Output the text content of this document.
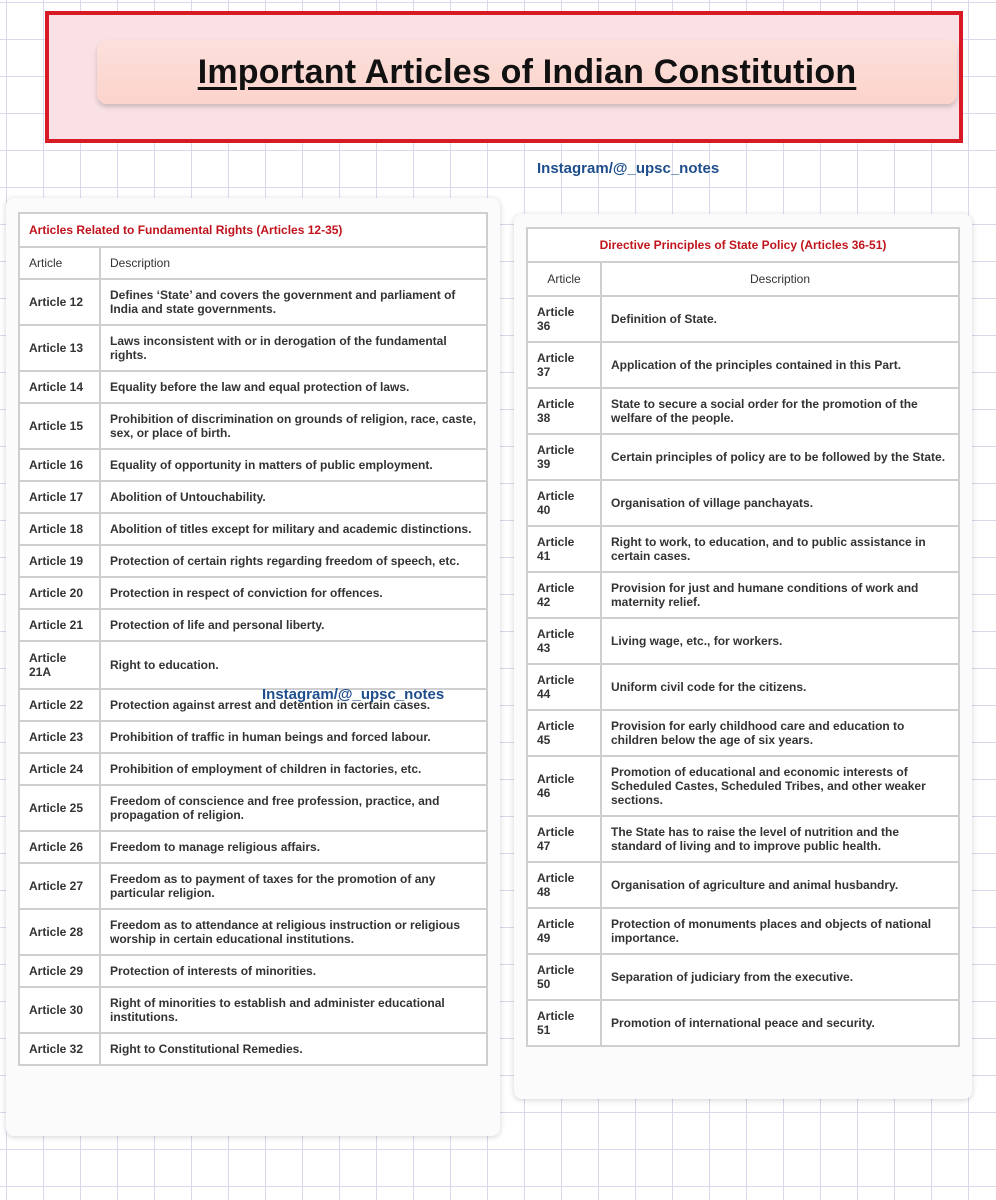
Important Articles of Indian Constitution
Instagram/@_upsc_notes
Articles Related to Fundamental Rights (Articles 12-35)	
Article	Description
Article 12	Defines ‘State’ and covers the government and parliament of India and state governments.
Article 13	Laws inconsistent with or in derogation of the fundamental rights.
Article 14	Equality before the law and equal protection of laws.
Article 15	Prohibition of discrimination on grounds of religion, race, caste, sex, or place of birth.
Article 16	Equality of opportunity in matters of public employment.
Article 17	Abolition of Untouchability.
Article 18	Abolition of titles except for military and academic distinctions.
Article 19	Protection of certain rights regarding freedom of speech, etc.
Article 20	Protection in respect of conviction for offences.
Article 21	Protection of life and personal liberty.
Article 21A	Right to education.
Article 22	Protection against arrest and detention in certain cases.
Article 23	Prohibition of traffic in human beings and forced labour.
Article 24	Prohibition of employment of children in factories, etc.
Article 25	Freedom of conscience and free profession, practice, and propagation of religion.
Article 26	Freedom to manage religious affairs.
Article 27	Freedom as to payment of taxes for the promotion of any particular religion.
Article 28	Freedom as to attendance at religious instruction or religious worship in certain educational institutions.
Article 29	Protection of interests of minorities.
Article 30	Right of minorities to establish and administer educational institutions.
Article 32	Right to Constitutional Remedies.
Directive Principles of State Policy (Articles 36-51)	
Article	Description
Article 36	Definition of State.
Article 37	Application of the principles contained in this Part.
Article 38	State to secure a social order for the promotion of the welfare of the people.
Article 39	Certain principles of policy are to be followed by the State.
Article 40	Organisation of village panchayats.
Article 41	Right to work, to education, and to public assistance in certain cases.
Article 42	Provision for just and humane conditions of work and maternity relief.
Article 43	Living wage, etc., for workers.
Article 44	Uniform civil code for the citizens.
Article 45	Provision for early childhood care and education to children below the age of six years.
Article 46	Promotion of educational and economic interests of Scheduled Castes, Scheduled Tribes, and other weaker sections.
Article 47	The State has to raise the level of nutrition and the standard of living and to improve public health.
Article 48	Organisation of agriculture and animal husbandry.
Article 49	Protection of monuments places and objects of national importance.
Article 50	Separation of judiciary from the executive.
Article 51	Promotion of international peace and security.
Instagram/@_upsc_notes
